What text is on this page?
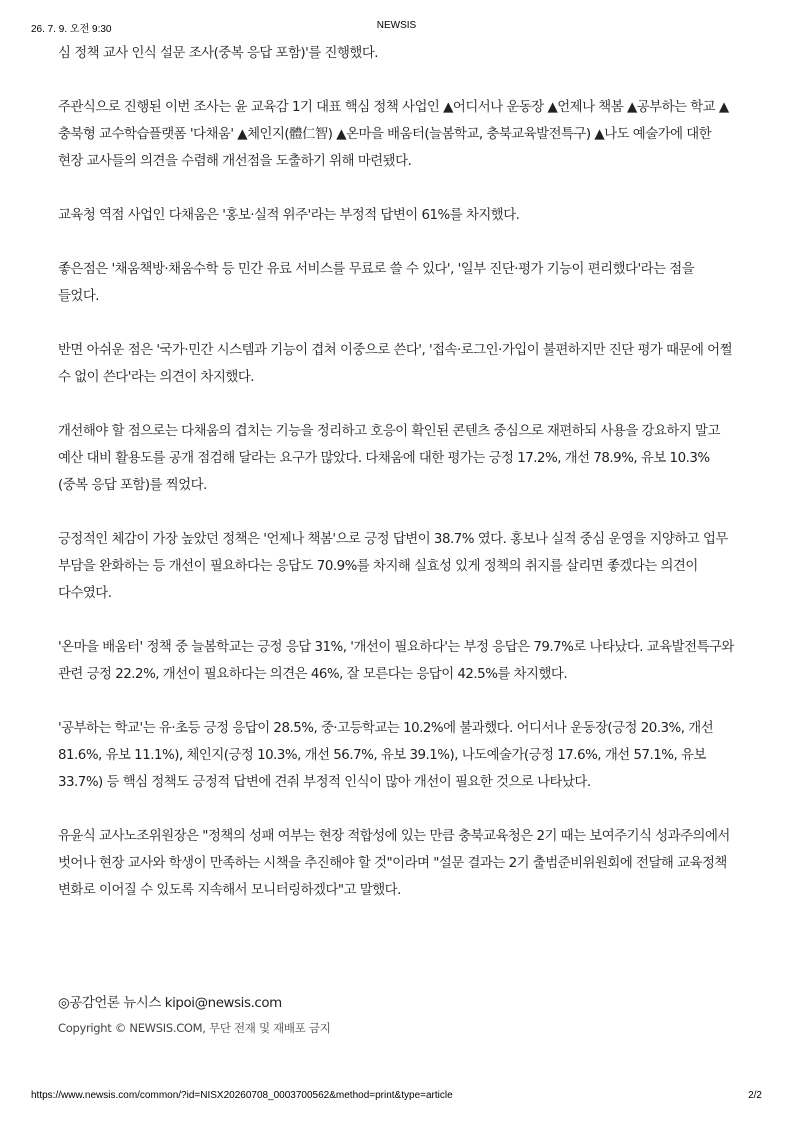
26. 7. 9. 오전 9:30	NEWSIS

심 정책 교사 인식 설문 조사(중복 응답 포함)'를 진행했다.

주관식으로 진행된 이번 조사는 윤 교육감 1기 대표 핵심 정책 사업인 ▲어디서나 운동장 ▲언제나 책봄 ▲공부하는 학교 ▲충북형 교수학습플랫폼 '다채움' ▲체인지(體仁智) ▲온마을 배움터(늘봄학교, 충북교육발전특구) ▲나도 예술가에 대한 현장 교사들의 의견을 수렴해 개선점을 도출하기 위해 마련됐다.

교육청 역점 사업인 다채움은 '홍보·실적 위주'라는 부정적 답변이 61%를 차지했다.

좋은점은 '채움책방·채움수학 등 민간 유료 서비스를 무료로 쓸 수 있다', '일부 진단·평가 기능이 편리했다'라는 점을 들었다.

반면 아쉬운 점은 '국가·민간 시스템과 기능이 겹쳐 이중으로 쓴다', '접속·로그인·가입이 불편하지만 진단 평가 때문에 어쩔 수 없이 쓴다'라는 의견이 차지했다.

개선해야 할 점으로는 다채움의 겹치는 기능을 정리하고 호응이 확인된 콘텐츠 중심으로 재편하되 사용을 강요하지 말고 예산 대비 활용도를 공개 점검해 달라는 요구가 많았다. 다채움에 대한 평가는 긍정 17.2%, 개선 78.9%, 유보 10.3%(중복 응답 포함)를 찍었다.

긍정적인 체감이 가장 높았던 정책은 '언제나 책봄'으로 긍정 답변이 38.7% 였다. 홍보나 실적 중심 운영을 지양하고 업무 부담을 완화하는 등 개선이 필요하다는 응답도 70.9%를 차지해 실효성 있게 정책의 취지를 살리면 좋겠다는 의견이 다수였다.

'온마을 배움터' 정책 중 늘봄학교는 긍정 응답 31%, '개선이 필요하다'는 부정 응답은 79.7%로 나타났다. 교육발전특구와 관련 긍정 22.2%, 개선이 필요하다는 의견은 46%, 잘 모른다는 응답이 42.5%를 차지했다.

'공부하는 학교'는 유·초등 긍정 응답이 28.5%, 중·고등학교는 10.2%에 불과했다. 어디서나 운동장(긍정 20.3%, 개선 81.6%, 유보 11.1%), 체인지(긍정 10.3%, 개선 56.7%, 유보 39.1%), 나도예술가(긍정 17.6%, 개선 57.1%, 유보 33.7%) 등 핵심 정책도 긍정적 답변에 견줘 부정적 인식이 많아 개선이 필요한 것으로 나타났다.

유윤식 교사노조위원장은 "정책의 성패 여부는 현장 적합성에 있는 만큼 충북교육청은 2기 때는 보여주기식 성과주의에서 벗어나 현장 교사와 학생이 만족하는 시책을 추진해야 할 것"이라며 "설문 결과는 2기 출범준비위원회에 전달해 교육정책 변화로 이어질 수 있도록 지속해서 모니터링하겠다"고 말했다.

◎공감언론 뉴시스 kipoi@newsis.com
Copyright © NEWSIS.COM, 무단 전재 및 재배포 금지
https://www.newsis.com/common/?id=NISX20260708_0003700562&method=print&type=article	2/2
